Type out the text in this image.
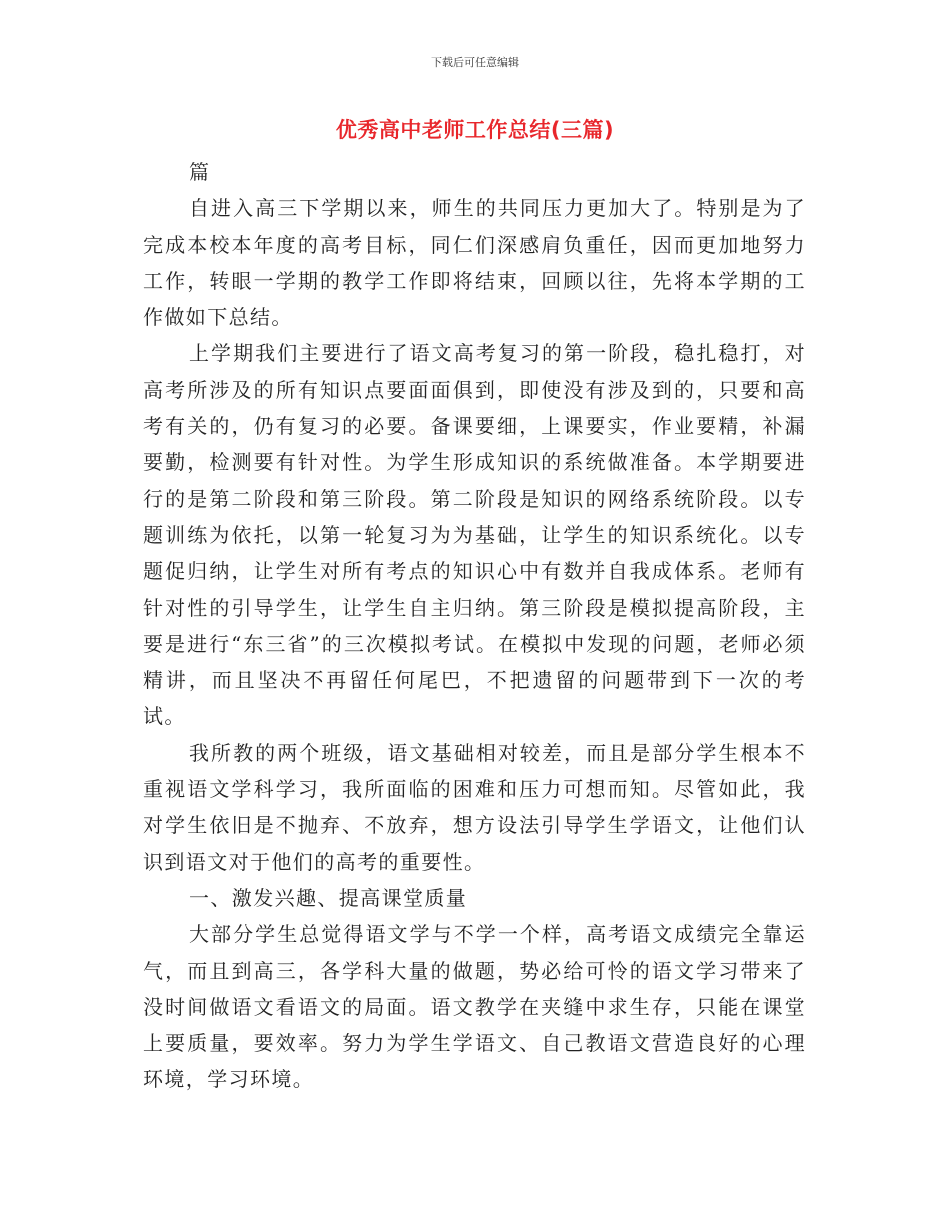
下载后可任意编辑
优秀高中老师工作总结(三篇)

篇

自进入高三下学期以来，师生的共同压力更加大了。特别是为了完成本校本年度的高考目标，同仁们深感肩负重任，因而更加地努力工作，转眼一学期的教学工作即将结束，回顾以往，先将本学期的工作做如下总结。

上学期我们主要进行了语文高考复习的第一阶段，稳扎稳打，对高考所涉及的所有知识点要面面俱到，即使没有涉及到的，只要和高考有关的，仍有复习的必要。备课要细，上课要实，作业要精，补漏要勤，检测要有针对性。为学生形成知识的系统做准备。本学期要进行的是第二阶段和第三阶段。第二阶段是知识的网络系统阶段。以专题训练为依托，以第一轮复习为为基础，让学生的知识系统化。以专题促归纳，让学生对所有考点的知识心中有数并自我成体系。老师有针对性的引导学生，让学生自主归纳。第三阶段是模拟提高阶段，主要是进行“东三省”的三次模拟考试。在模拟中发现的问题，老师必须精讲，而且坚决不再留任何尾巴，不把遗留的问题带到下一次的考试。

我所教的两个班级，语文基础相对较差，而且是部分学生根本不重视语文学科学习，我所面临的困难和压力可想而知。尽管如此，我对学生依旧是不抛弃、不放弃，想方设法引导学生学语文，让他们认识到语文对于他们的高考的重要性。

一、激发兴趣、提高课堂质量

大部分学生总觉得语文学与不学一个样，高考语文成绩完全靠运气，而且到高三，各学科大量的做题，势必给可怜的语文学习带来了没时间做语文看语文的局面。语文教学在夹缝中求生存，只能在课堂上要质量，要效率。努力为学生学语文、自己教语文营造良好的心理环境，学习环境。
